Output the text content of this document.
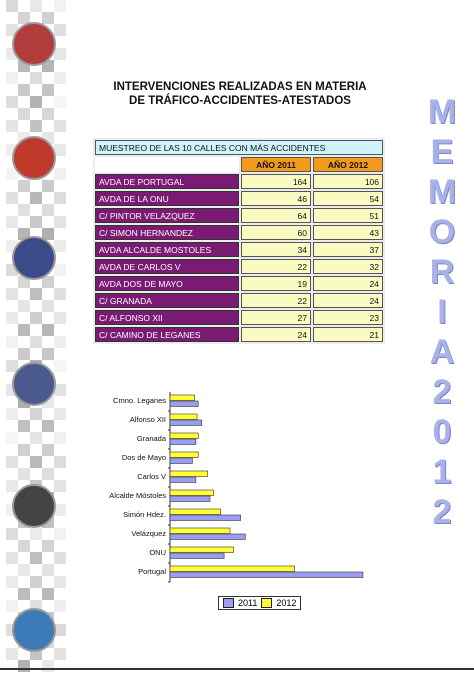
M
E
M
O
R
I
A
2
0
1
2
INTERVENCIONES REALIZADAS EN MATERIA
DE TRÁFICO-ACCIDENTES-ATESTADOS
MUESTREO DE LAS 10 CALLES CON MÁS ACCIDENTES		
	AÑO 2011	AÑO 2012
AVDA DE PORTUGAL	164	106
AVDA DE LA ONU	46	54
C/ PINTOR VELAZQUEZ	64	51
C/ SIMON HERNANDEZ	60	43
AVDA ALCALDE MOSTOLES	34	37
AVDA DE CARLOS V	22	32
AVDA DOS DE MAYO	19	24
C/ GRANADA	22	24
C/ ALFONSO XII	27	23
C/ CAMINO DE LEGANES	24	21
Cmno. Leganes
Alfonso XII
Granada
Dos de Mayo
Carlos V
Alcalde Móstoles
Simón Hdez.
Velázquez
ONU
Portugal
2011 2012
